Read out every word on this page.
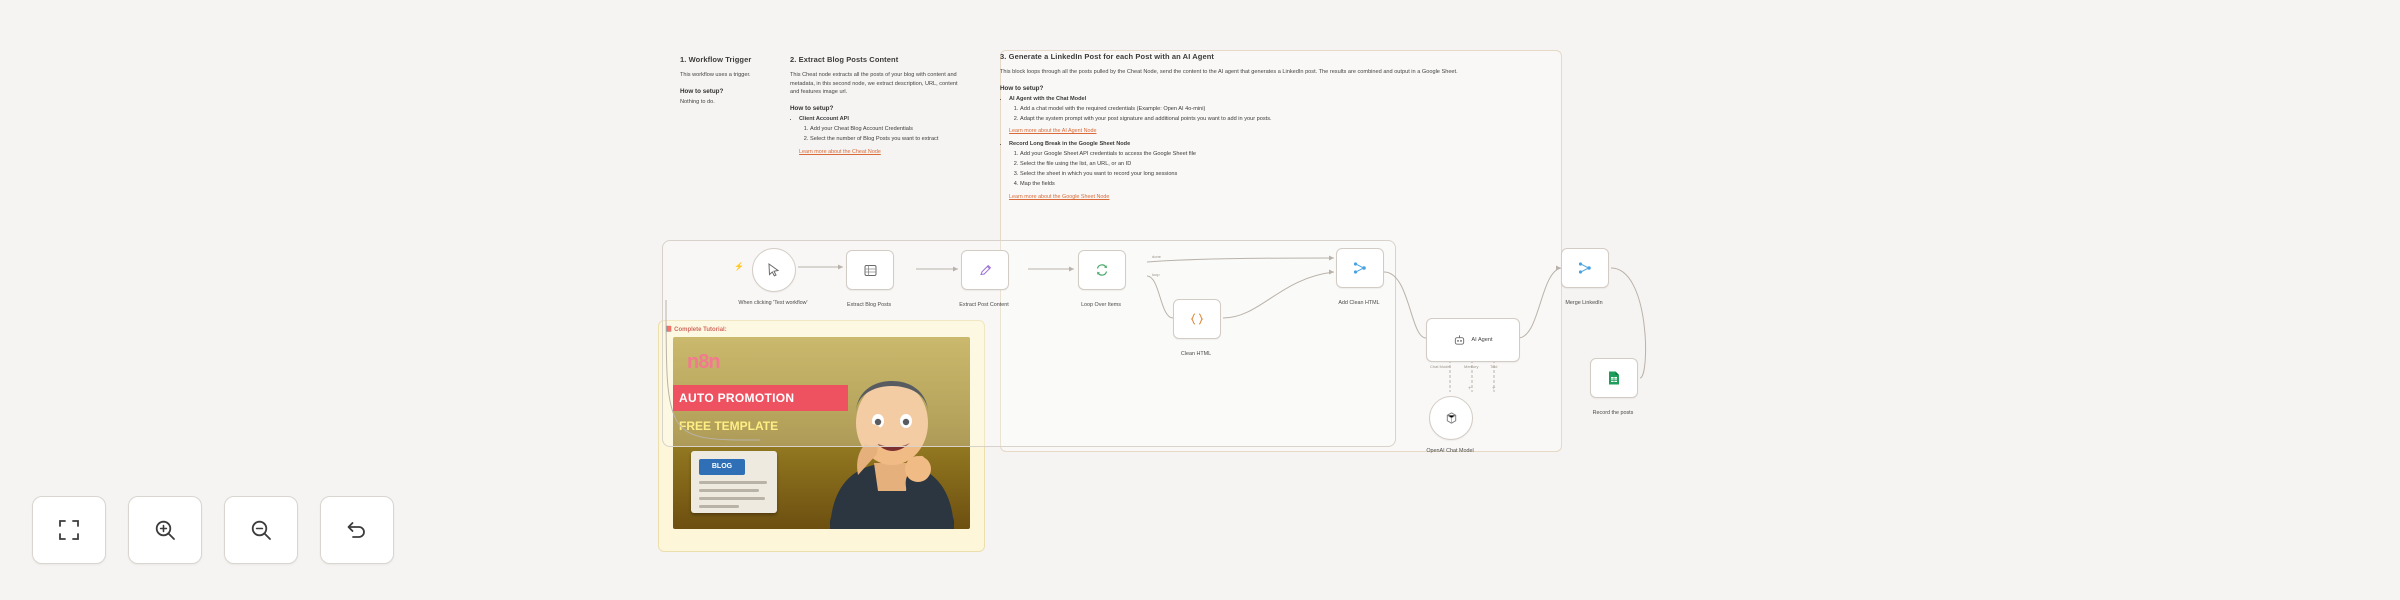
1. Workflow Trigger

This workflow uses a trigger.

How to setup?

Nothing to do.

2. Extract Blog Posts Content

This Cheat node extracts all the posts of your blog with content and metadata, in this second node, we extract description, URL, content and features image url.

How to setup?
• Client Account API
1. Add your Cheat Blog Account Credentials
2. Select the number of Blog Posts you want to extract
Learn more about the Cheat Node
3. Generate a LinkedIn Post for each Post with an AI Agent

This block loops through all the posts pulled by the Cheat Node, send the content to the AI agent that generates a LinkedIn post. The results are combined and output in a Google Sheet.

How to setup?
• AI Agent with the Chat Model
1. Add a chat model with the required credentials (Example: Open AI 4o-mini)
2. Adapt the system prompt with your post signature and additional points you want to add in your posts.
Learn more about the AI Agent Node
• Record Long Break in the Google Sheet Node
1. Add your Google Sheet API credentials to access the Google Sheet file
2. Select the file using the list, an URL, or an ID
3. Select the sheet in which you want to record your long sessions
4. Map the fields
Learn more about the Google Sheet Node
📕 Complete Tutorial:
n8n
AUTO PROMOTION
FREE TEMPLATE
BLOG
⚡
When clicking 'Test workflow'	Extract Blog Posts	Extract Post Content	Loop Over Items
done
loop
Clean HTML
Add Clean HTML
AI Agent
Chat Model	Memory	Tool
+	+
OpenAI Chat Model
Merge LinkedIn
Record the posts
